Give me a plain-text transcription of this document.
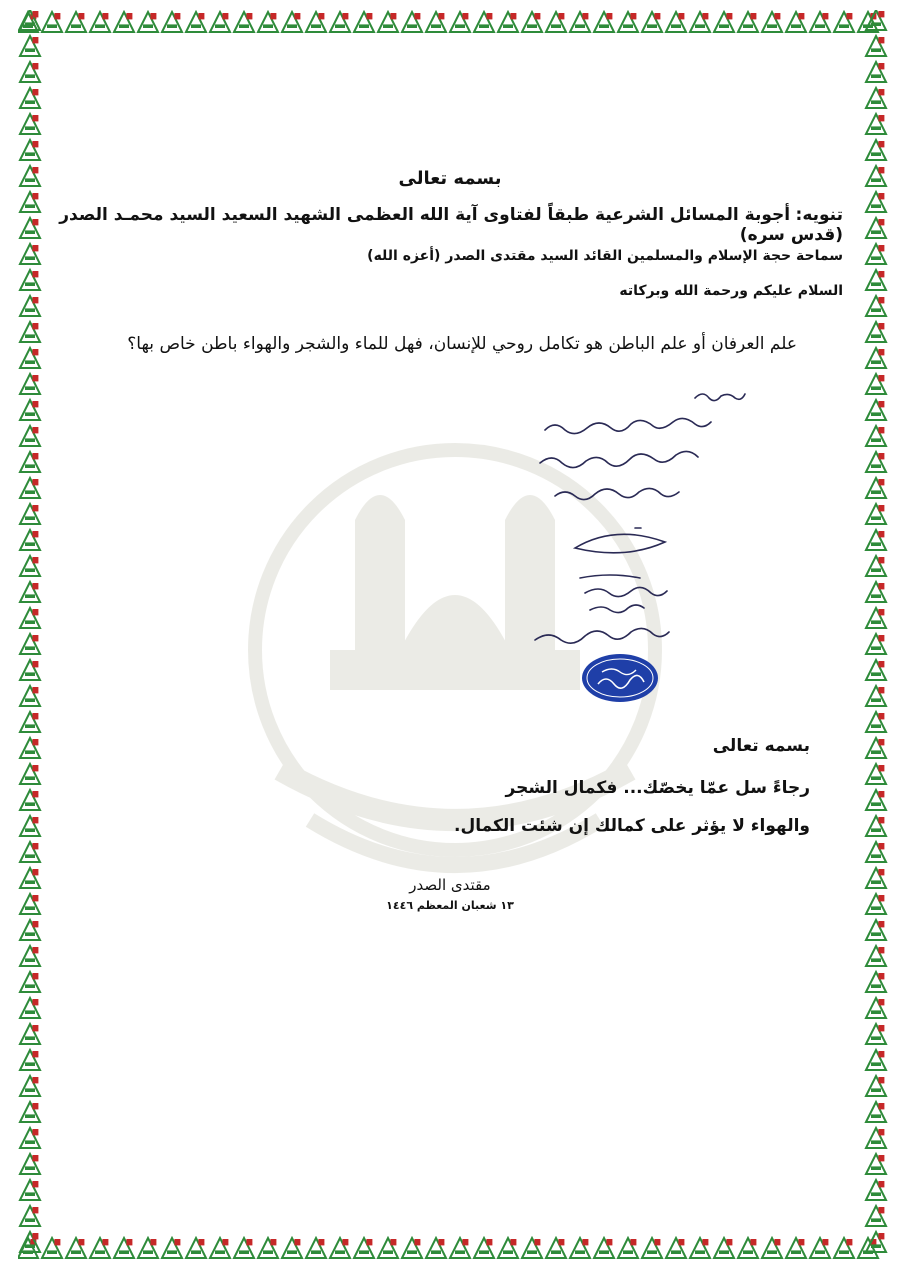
بسمه تعالى
تنويه: أجوبة المسائل الشرعية طبقاً لفتاوى آية الله العظمى الشهيد السعيد السيد محمـد الصدر (قدس سره)
سماحة حجة الإسلام والمسلمين القائد السيد مقتدى الصدر (أعزه الله)
السلام عليكم ورحمة الله وبركاته
علم العرفان أو علم الباطن هو تكامل روحي للإنسان، فهل للماء والشجر والهواء باطن خاص بها؟
بسمه تعالى
رجاءً سل عمّا يخصّك... فكمال الشجر
والهواء لا يؤثر على كمالك إن شئت الكمال.
مقتدى الصدر
١٣ شعبان المعظم ١٤٤٦
